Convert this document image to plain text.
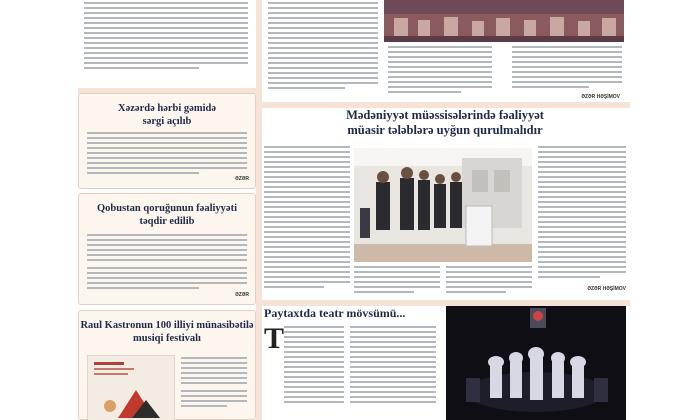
Xəzərdə hərbi gəmidə
sərgi açılıb
ƏZƏR
Qobustan qoruğunun fəaliyyəti
təqdir edilib
ƏZƏR
Raul Kastronun 100 illiyi münasibətilə
musiqi festivalı
ƏZƏR HƏŞİMOV
Mədəniyyət müəssisələrində fəaliyyət
müasir tələblərə uyğun qurulmalıdır
ƏZƏR HƏŞİMOV
Paytaxtda teatr mövsümü...
T
